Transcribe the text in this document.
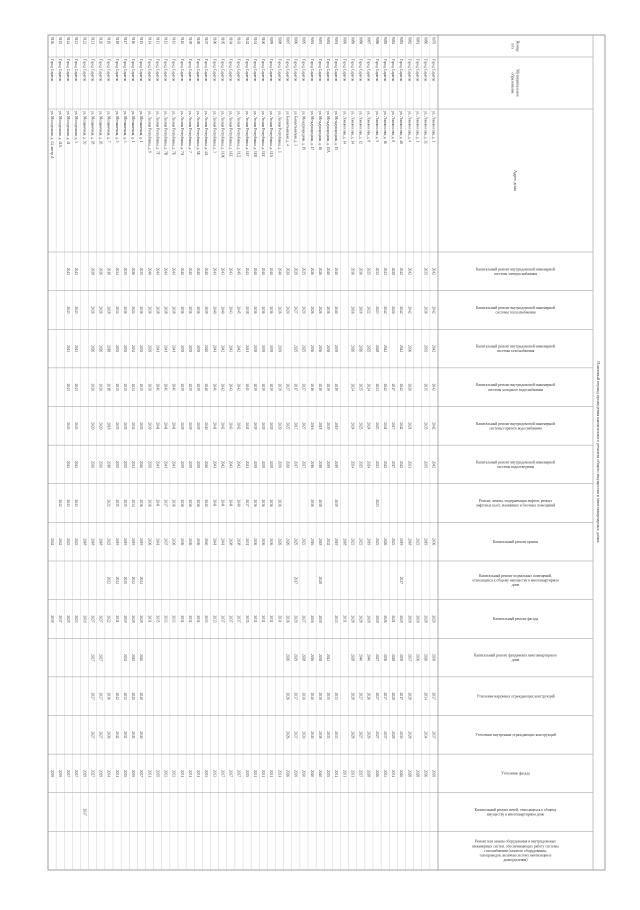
Плановый период проведения капитального ремонта общего имущества в многоквартирных домах
Номерп/п
Муниципальноеобразование
Адрес дома
Капитальный ремонт внутридомовой инженерной системы электроснабжения
Капитальный ремонт внутридомовой инженерной системы теплоснабжения
Капитальный ремонт внутридомовой инженерной системы газоснабжения
Капитальный ремонт внутридомовой инженерной системы холодного водоснабжения
Капитальный ремонт внутридомовой инженерной системы горячего водоснабжения
Капитальный ремонт внутридомовой инженерной системы водоотведения
Ремонт, замена, модернизация лифтов, ремонт лифтовых шахт, машинных и блочных помещений
Капитальный ремонт крыши
Капитальный ремонт подвальных помещений, относящихся к общему имуществу в многоквартирном доме
Капитальный ремонт фасада
Капитальный ремонт фундамента многоквартирного дома
Утепление наружных ограждающих конструкций
Утепление внутренних ограждающих конструкций
Утепление фасада
Капитальный ремонт печей, относящихся к общему имуществу в многоквартирном доме
Ремонт или замена оборудования и внутридомовых инженерных систем, обеспечивающих работу системы газоснабжения (газового оборудования, газопроводов, включая систему вентиляции и дымоудаления)
9079
Город Саратов
ул. Ломоносова, д. 1
2042
2042
2042
2042
2042
2042
2036
2029
2039
2037
2037
2039
9080
Город Саратов
ул. Ломоносова, д. 31
2035
2036
2035
2035
2035
2035
2019
2028
2026
2034
2034
2036
9081
Город Саратов
ул. Ломоносова, д. 1
2023
2018
2036
2028
9082
Город Саратов
ул. Ломоносова, д. 4
2042
2042
2036
2020
2021
2021
2018
2018
2037
2028
2028
2028
9083
Город Саратов
ул. Ломоносова, д. 4б
2042
2042
2042
2042
2042
2042
2019
2037
2029
2039
2017
2030
2020
9084
Город Саратов
ул. Ломоносова, д. 8
2028
2020
2017
2017
2017
2023
2021
2028
2028
2028
2031
9085
Город Саратов
ул. Ломоносова, д. 16
2041
2042
2042
2042
2041
2042
2026
2026
2036
2037
2037
2033
9086
Город Саратов
ул. Ломоносова, д. 5
2032
2023
2028
2023
2023
2023
2023
2023
2018
2027
2027
2027
2026
9087
Город Саратов
ул. Ломоносова, д. 8
2025
2022
2025
2024
2024
2024
2019
2018
2040
2026
2026
2028
9088
Город Саратов
ул. Ломоносова, д. 12
2036
2016
2026
2025
2025
2025
2023
2028
2040
2027
2027
2027
9089
Город Саратов
ул. Ломоносова, д. 14
2036
2016
2026
2024
2024
2024
2023
2028
2028
2028
2028
2031
9090
Город Саратов
ул. Ломоносова, д. 14
2018
2031
2031
9091
Город Саратов
ул. Международная, д. 15
2040
2040
2039
2019
2019
2019
2019
2019
2033
2033
2033
2031
9092
Город Саратов
ул. Международная, д. 15А
2040
2036
2038
2039
2039
2039
2032
2043
2035
2035
2035
9093
Город Саратов
ул. Международная, д. 16
2026
2026
2036
2018
2018
2018
2018
2018
2028
2018
2038
2038
2038
2040
9094
Город Саратов
ул. Международная, д. 17
2026
2026
2036
2016
2016
2016
2016
2016
2016
2016
2040
2040
2040
9095
Город Саратов
ул. Международная, д. 19
2025
2029
2025
2027
2027
2027
2023
2027
2028
2030
2030
2030
9096
Город Саратов
ул. Бахметьевская, д. 3
2029
2027
2025
2017
2017
2017
2025
2017
2029
2029
2037
2037
2039
9097
Город Саратов
ул. Бахметьевская, д. 4
2020
2020
2027
2027
2020
2026
2036
2026
2026
2026
2026
9098
Город Саратов
ул. Лесная Республика, д. 1
2040
2036
2039
2039
2039
2039
2036
2026
2031
2031
9099
Город Саратов
ул. Лесная Республика, д. 11А
2040
2036
2039
2039
2039
2039
2036
2036
2031
2031
9100
Город Саратов
ул. Лесная Республика, д. 11Б
2040
2036
2039
2039
2039
2039
2036
2036
2031
2031
9101
Город Саратов
ул. Лесная Республика, д. 11В
2040
2036
2039
2039
2039
2039
2036
2036
2031
2031
9102
Город Саратов
ул. Лесная Республика, д. 11Г
2041
2038
2041
2041
2041
2041
2037
2031
2035
2035
9103
Город Саратов
ул. Лесная Республика, д. 11Д
2045
2045
2042
2042
2042
2042
2040
2038
2037
2037
9104
Город Саратов
ул. Лесная Республика, д. 11Е
2043
2043
2043
2043
2043
2043
2041
2038
2037
2037
9105
Город Саратов
ул. Лесная Республика, д. 11Ж
2043
2040
2042
2042
2042
2042
2041
2041
2037
2037
9106
Город Саратов
ул. Лесная Республика, д. 3
2041
2040
2041
2041
2041
2041
2041
2041
2033
2033
9107
Город Саратов
ул. Лесная Республика, д. 4А
2040
2039
2040
2040
2040
2040
2040
2040
2033
2033
9108
Город Саратов
ул. Лесная Республика, д. 5Б
2040
2036
2039
2039
2039
2039
2036
2036
2031
2031
9109
Город Саратов
ул. Лесная Республика, д. 7
2040
2036
2039
2039
2039
2039
2036
2036
2031
2031
9110
Город Саратов
ул. Лесная Республика, д. 7А
2040
2036
2039
2039
2039
2039
2036
2036
2031
2031
9111
Город Саратов
ул. Лесная Республика, д. 7Б
2041
2038
2041
2041
2041
2041
2036
2036
2033
2033
9112
Город Саратов
ул. Лесная Республика, д. 7В
2041
2038
2041
2041
2041
2041
2037
2037
2033
2033
9113
Город Саратов
ул. Лесная Республика, д. 7Г
2041
2038
2041
2041
2041
2041
2041
2041
2035
2035
9114
Город Саратов
ул. Лесная Республика, д. 9
2040
2036
2039
2039
2039
2039
2036
2036
2031
2031
9115
Город Саратов
ул. Мельничная, д. 1
2035
2036
2035
2035
2035
2040
2036
2019
2034
2029
2040
2040
2040
2037
9116
Город Саратов
ул. Мельничная, д. 1
2026
2024
2034
2034
2034
2034
2034
2019
2032
2029
2045
2045
2045
2039
9117
Город Саратов
ул. Мельничная, д. 3
2035
2036
2035
2035
2035
2035
2035
2019
2035
2019
2032
2032
2032
2035
9118
Город Саратов
ул. Мельничная, д. 5
2034
2034
2035
2035
2035
2035
2035
2019
2034
2031
2042
2042
2031
9119
Город Саратов
ул. Мельничная, д. 7
2018
2018
2018
2018
2018
2018
2022
2022
2022
2022
2036
2036
2034
9120
Город Саратов
ул. Мельничная, д. 26
2026
2026
2026
2020
2020
2020
2018
2027
2027
2027
2027
2029
9121
Город Саратов
ул. Мельничная, д. 28
2028
2026
2026
2020
2020
2020
2018
2027
2027
2027
2027
2027
9122
Город Саратов
ул. Мельничная, д. 30
2018
2019
2029
2017
9123
Город Саратов
ул. Молодежная, д. 1
2043
2043
2043
2043
2043
2043
2043
2023
2023
2037
9124
Город Саратов
ул. Молодежная, д. 11
2043
2043
2043
2043
2043
2043
2043
2023
2025
2037
9125
Город Саратов
ул. Молодежная, д. 11А
2042
2042
2037
2039
9126
Город Саратов
ул. Молодежная, д. 14, литер А
2044
2039
2039
